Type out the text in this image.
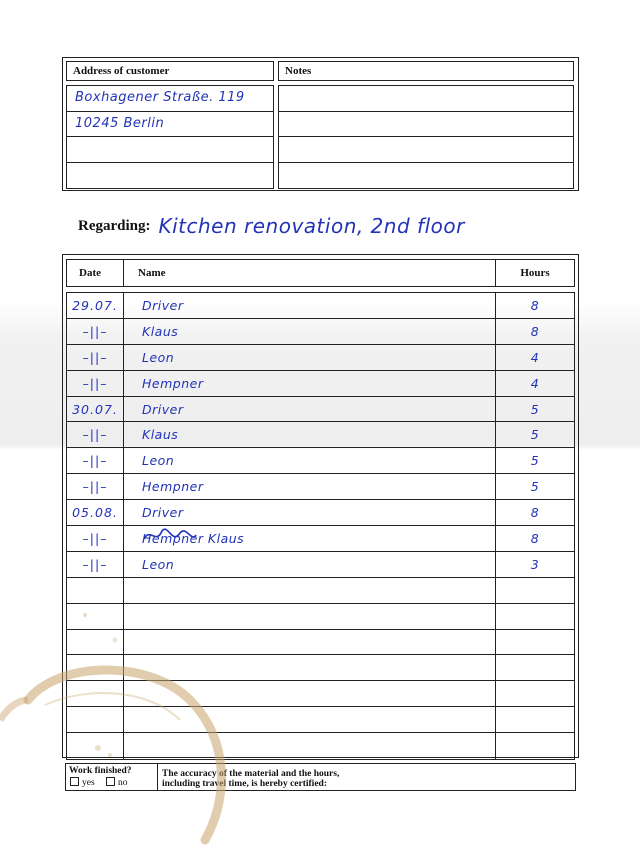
Address of customer
Boxhagener Straße. 119
10245 Berlin
Notes
Regarding: Kitchen renovation, 2nd floor
Date	Name	Hours
29.07.	Driver	8
–||–	Klaus	8
–||–	Leon	4
–||–	Hempner	4
30.07.	Driver	5
–||–	Klaus	5
–||–	Leon	5
–||–	Hempner	5
05.08.	Driver	8
–||–	Hempner Klaus	8
–||–	Leon	3
Work finished?
yes no
The accuracy of the material and the hours,
including travel time, is hereby certified:
